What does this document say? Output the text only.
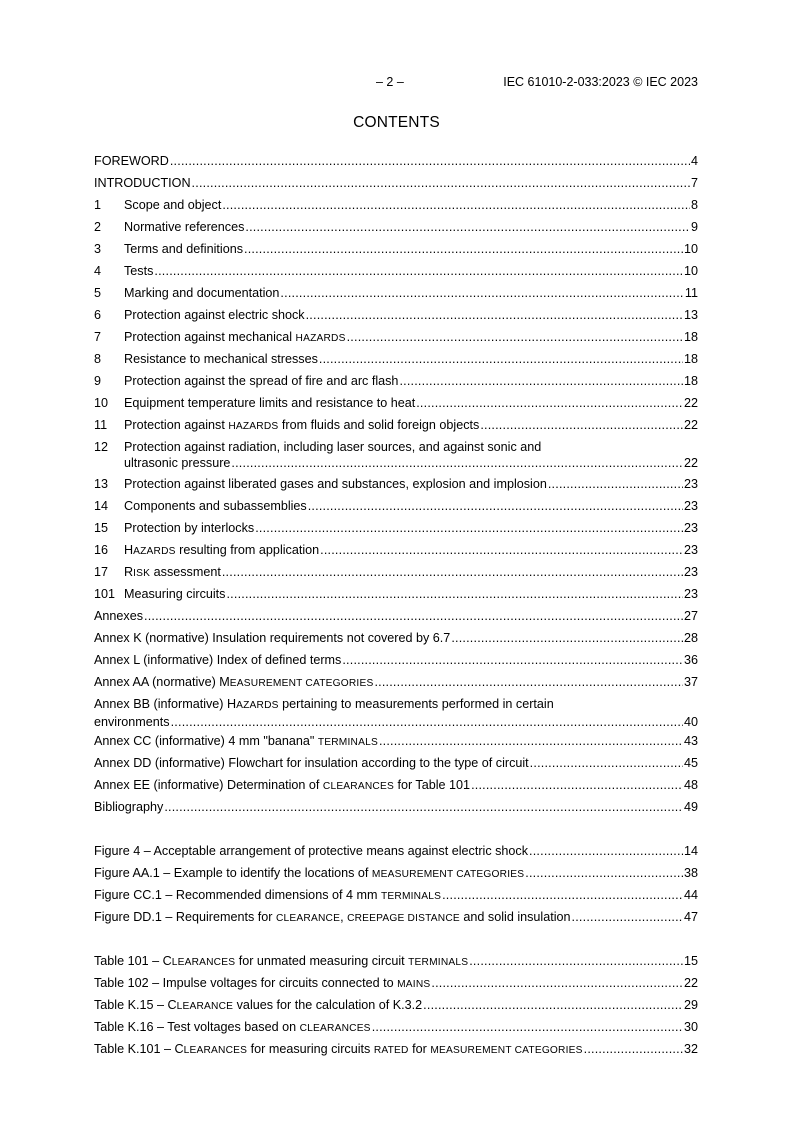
– 2 –	IEC 61010-2-033:2023 © IEC 2023
CONTENTS
FOREWORD .....	4
INTRODUCTION .....	7
1	Scope and object .....	8
2	Normative references .....	9
3	Terms and definitions .....	10
4	Tests .....	10
5	Marking and documentation .....	11
6	Protection against electric shock .....	13
7	Protection against mechanical HAZARDS .....	18
8	Resistance to mechanical stresses .....	18
9	Protection against the spread of fire and arc flash .....	18
10	Equipment temperature limits and resistance to heat .....	22
11	Protection against HAZARDS from fluids and solid foreign objects .....	22
12 Protection against radiation, including laser sources, and against sonic and
ultrasonic pressure .....	22
13	Protection against liberated gases and substances, explosion and implosion .....	23
14	Components and subassemblies .....	23
15	Protection by interlocks .....	23
16	HAZARDS resulting from application .....	23
17	RISK assessment .....	23
101 Measuring circuits .....	23
Annexes .....	27
Annex K (normative) Insulation requirements not covered by 6.7 .....	28
Annex L (informative) Index of defined terms .....	36
Annex AA (normative) MEASUREMENT CATEGORIES .....	37
Annex BB (informative) HAZARDS pertaining to measurements performed in certain
environments .....	40
Annex CC (informative) 4 mm "banana" TERMINALS .....	43
Annex DD (informative) Flowchart for insulation according to the type of circuit .....	45
Annex EE (informative) Determination of CLEARANCES for Table 101 .....	48
Bibliography .....	49
Figure 4 – Acceptable arrangement of protective means against electric shock .....	14
Figure AA.1 – Example to identify the locations of MEASUREMENT CATEGORIES .....	38
Figure CC.1 – Recommended dimensions of 4 mm TERMINALS .....	44
Figure DD.1 – Requirements for CLEARANCE, CREEPAGE DISTANCE and solid insulation .....	47
Table 101 – CLEARANCES for unmated measuring circuit TERMINALS .....	15
Table 102 – Impulse voltages for circuits connected to MAINS .....	22
Table K.15 – CLEARANCE values for the calculation of K.3.2 .....	29
Table K.16 – Test voltages based on CLEARANCES .....	30
Table K.101 – CLEARANCES for measuring circuits RATED for MEASUREMENT CATEGORIES .....	32
